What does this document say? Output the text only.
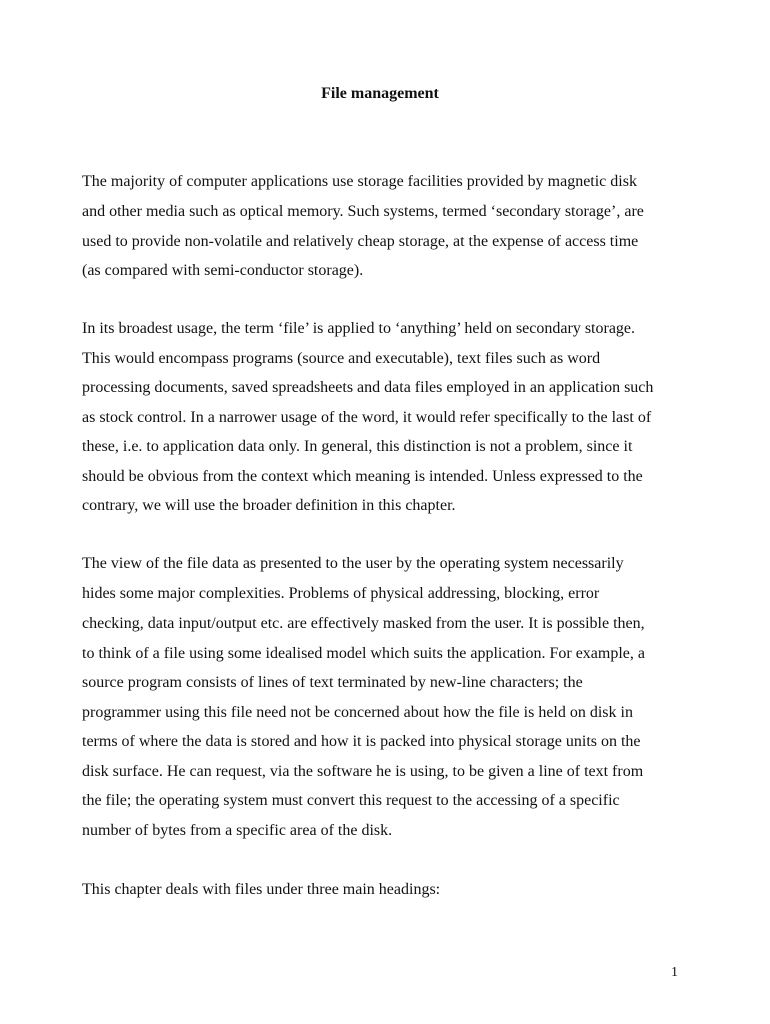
File management
The majority of computer applications use storage facilities provided by magnetic disk
and other media such as optical memory. Such systems, termed ‘secondary storage’, are
used to provide non-volatile and relatively cheap storage, at the expense of access time
(as compared with semi-conductor storage).
In its broadest usage, the term ‘file’ is applied to ‘anything’ held on secondary storage.
This would encompass programs (source and executable), text files such as word
processing documents, saved spreadsheets and data files employed in an application such
as stock control. In a narrower usage of the word, it would refer specifically to the last of
these, i.e. to application data only. In general, this distinction is not a problem, since it
should be obvious from the context which meaning is intended. Unless expressed to the
contrary, we will use the broader definition in this chapter.
The view of the file data as presented to the user by the operating system necessarily
hides some major complexities. Problems of physical addressing, blocking, error
checking, data input/output etc. are effectively masked from the user. It is possible then,
to think of a file using some idealised model which suits the application. For example, a
source program consists of lines of text terminated by new-line characters; the
programmer using this file need not be concerned about how the file is held on disk in
terms of where the data is stored and how it is packed into physical storage units on the
disk surface. He can request, via the software he is using, to be given a line of text from
the file; the operating system must convert this request to the accessing of a specific
number of bytes from a specific area of the disk.
This chapter deals with files under three main headings:
1
